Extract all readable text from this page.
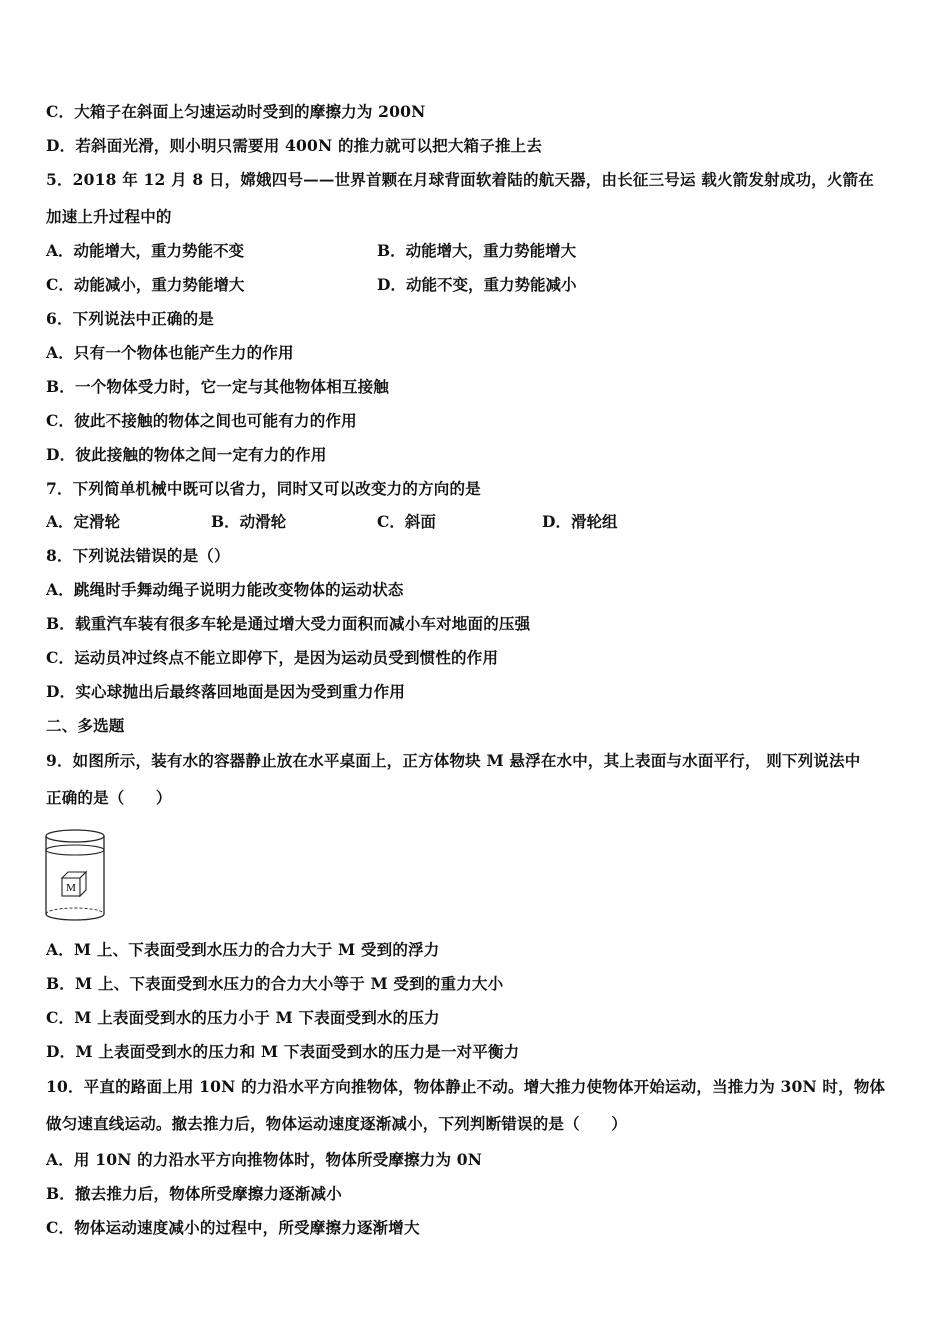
C．大箱子在斜面上匀速运动时受到的摩擦力为 200N
D．若斜面光滑，则小明只需要用 400N 的推力就可以把大箱子推上去
5．2018 年 12 月 8 日，嫦娥四号——世界首颗在月球背面软着陆的航天器，由长征三号运 载火箭发射成功，火箭在
加速上升过程中的
A．动能增大，重力势能不变	B．动能增大，重力势能增大
C．动能减小，重力势能增大	D．动能不变，重力势能减小
6．下列说法中正确的是
A．只有一个物体也能产生力的作用
B．一个物体受力时，它一定与其他物体相互接触
C．彼此不接触的物体之间也可能有力的作用
D．彼此接触的物体之间一定有力的作用
7．下列简单机械中既可以省力，同时又可以改变力的方向的是
A．定滑轮	B．动滑轮	C．斜面	D．滑轮组
8．下列说法错误的是（）
A．跳绳时手舞动绳子说明力能改变物体的运动状态
B．载重汽车装有很多车轮是通过增大受力面积而减小车对地面的压强
C．运动员冲过终点不能立即停下，是因为运动员受到惯性的作用
D．实心球抛出后最终落回地面是因为受到重力作用
二、多选题
9．如图所示，装有水的容器静止放在水平桌面上，正方体物块 M 悬浮在水中，其上表面与水面平行， 则下列说法中
正确的是（　　）
M
A．M 上、下表面受到水压力的合力大于 M 受到的浮力
B．M 上、下表面受到水压力的合力大小等于 M 受到的重力大小
C．M 上表面受到水的压力小于 M 下表面受到水的压力
D．M 上表面受到水的压力和 M 下表面受到水的压力是一对平衡力
10．平直的路面上用 10N 的力沿水平方向推物体，物体静止不动。增大推力使物体开始运动，当推力为 30N 时，物体
做匀速直线运动。撤去推力后，物体运动速度逐渐减小，下列判断错误的是（　　）
A．用 10N 的力沿水平方向推物体时，物体所受摩擦力为 0N
B．撤去推力后，物体所受摩擦力逐渐减小
C．物体运动速度减小的过程中，所受摩擦力逐渐增大
